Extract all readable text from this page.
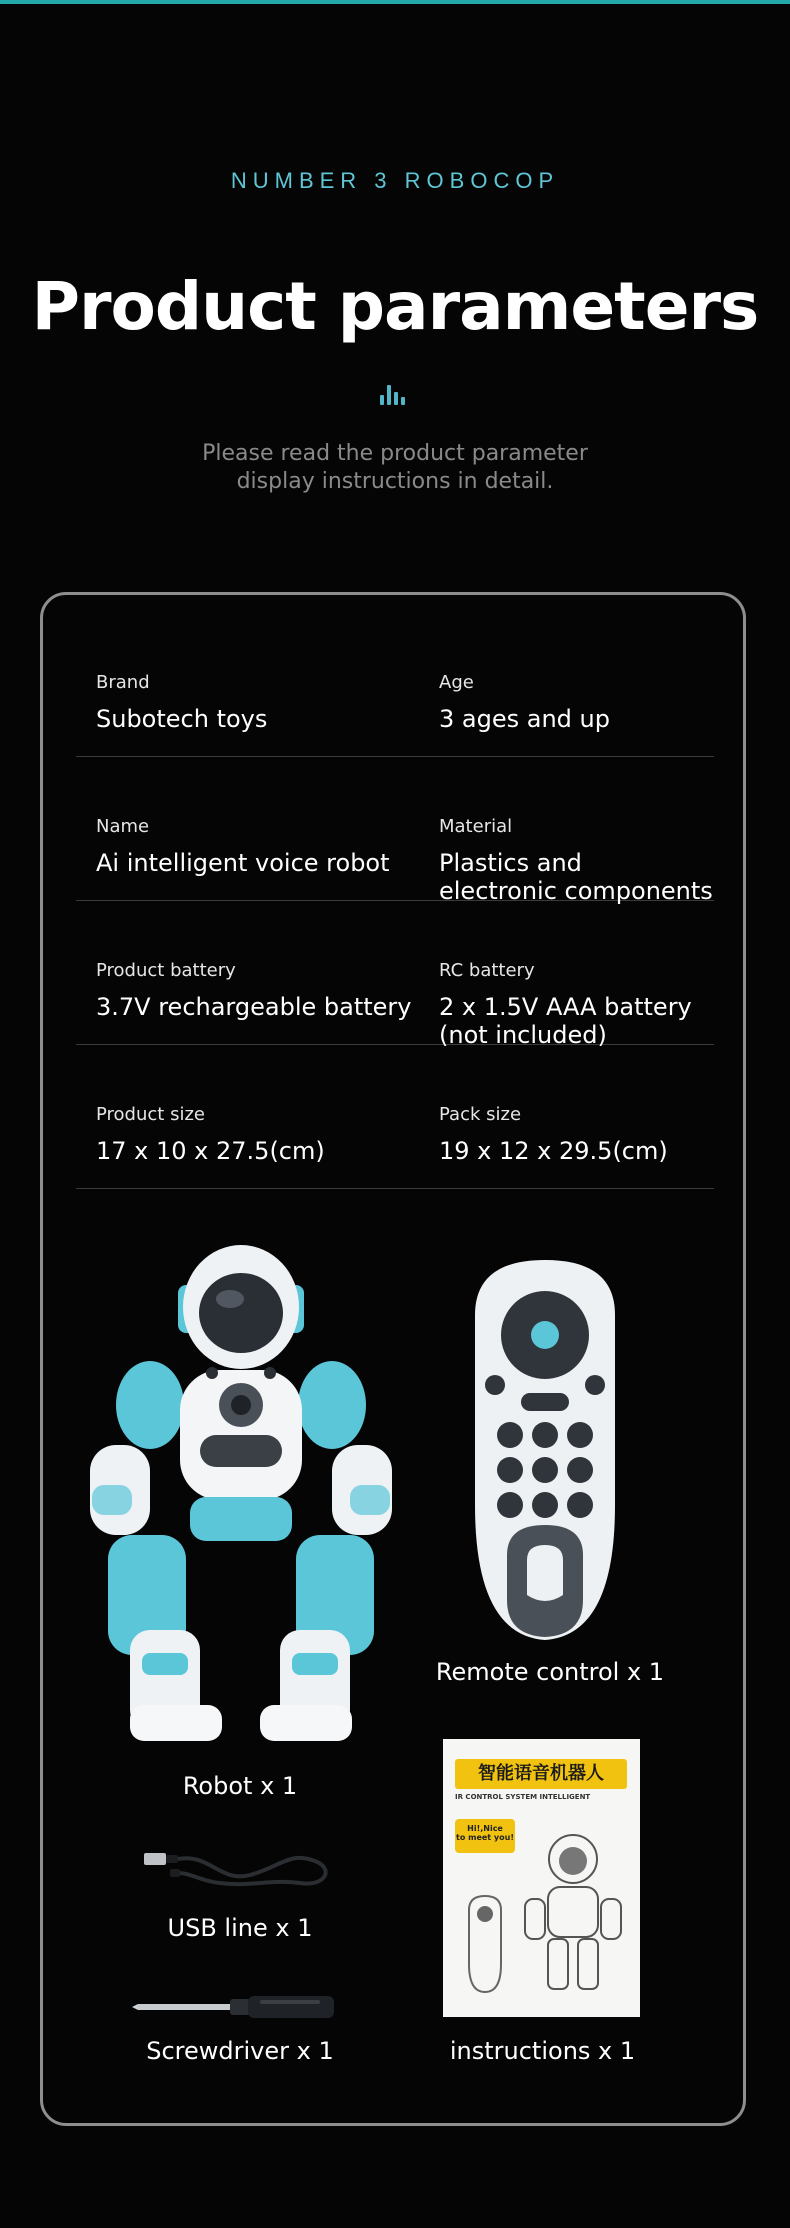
NUMBER 3 ROBOCOP
Product parameters
Please read the product parameter
display instructions in detail.
Brand
Subotech toys
Age
3 ages and up
Name
Ai intelligent voice robot
Material
Plastics and
electronic components
Product battery
3.7V rechargeable battery
RC battery
2 x 1.5V AAA battery
(not included)
Product size
17 x 10 x 27.5(cm)
Pack size
19 x 12 x 29.5(cm)
智能语音机器人
IR CONTROL SYSTEM INTELLIGENT
Hi!,Nice
to meet you!
Robot x 1
Remote control x 1
USB line x 1
Screwdriver x 1	instructions x 1
